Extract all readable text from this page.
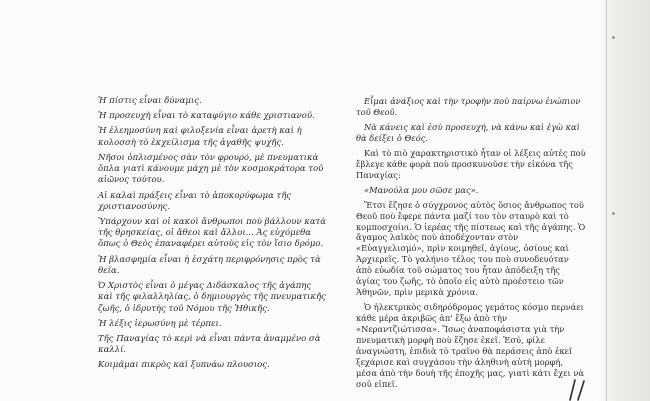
Ἡ πίστις εἶναι δύναμις.

Ἡ προσευχὴ εἶναι τὸ καταφύγιο κάθε χριστιανοῦ.

Ἡ ἐλεημοσύνη καὶ φιλοξενία εἶναι ἀρετὴ καὶ ἡ κολοσσὴ τὸ ἐκχείλισμα τῆς ἀγαθῆς ψυχῆς.

Νῆσοι ὁπλισμένος σὰν τὸν φρουρό, μὲ πνευματικὰ ὅπλα γιατὶ κάνουμε μάχη μὲ τὸν κοσμοκράτορα τοῦ αἰῶνος τούτου.

Αἱ καλαὶ πράξεις εἶναι τὸ ἀποκορύφωμα τῆς χριστιανοσύνης.

Ὑπάρχουν καὶ οἱ κακοὶ ἄνθρωποι ποὺ βάλλουν κατὰ τῆς θρησκείας, οἱ ἄθεοι καὶ ἄλλοι... Ἀς εὐχόμεθα ὅπως ὁ Θεὸς ἐπαναφέρει αὐτοὺς εἰς τὸν ἴσιο δρόμο.

Ἡ βλασφημία εἶναι ἡ ἐσχάτη περιφρόνησις πρὸς τὰ θεῖα.

Ὁ Χριστὸς εἶναι ὁ μέγας Διδάσκαλος τῆς ἀγάπης καὶ τῆς φιλαλληλίας, ὁ δημιουργὸς τῆς πνευματικῆς ζωῆς, ὁ ἱδρυτὴς τοῦ Νόμου τῆς Ἠθικῆς.

Ἡ λέξις ἱερωσύνη μὲ τέρπει.

Τῆς Παναγίας τὸ κερὶ νὰ εἶναι πάντα ἀναμμένο σὰ καλλί.

Κοιμᾶμαι πικρὸς καὶ ξυπνάω πλουσιος.

Εἶμαι ἀνάξιος καὶ τὴν τροφὴν ποὺ παίρνω ἐνώπιον τοῦ Θεοῦ.

Νὰ κάνεις καὶ ἐσὺ προσευχή, νὰ κάνω καὶ ἐγὼ καὶ θὰ δείξει ὁ Θεός.

Καὶ τὸ πιὸ χαρακτηριστικὸ ἦταν οἱ λέξεις αὐτὲς ποὺ ἔβλεγε κάθε φορὰ ποὺ προσκυνοῦσε τὴν εἰκόνα τῆς Παναγίας:

«Μανούλα μου σῶσε μας».

Ἔτσι ἔζησε ὁ σύγχρονος αὐτὸς ὅσιος ἄνθρωπος τοῦ Θεοῦ ποὺ ἔφερε πάντα μαζί του τὸν σταυρὸ καὶ τὸ κομποσχοίνι. Ὁ ἱερέας τῆς πίστεως καὶ τῆς ἀγάπης. Ὁ ἄγαμος λαϊκὸς ποὺ ἀποδέχονταν στὸν «Εὐαγγελισμό», πρὶν κοιμηθεῖ, ἁγίους, ὁσίους καὶ Ἀρχιερεῖς. Τὸ γαλήνιο τέλος του ποὺ συνοδευόταν ἀπὸ εὐωδία τοῦ σώματος του ἦταν ἀπόδειξη τῆς ἁγίας του ζωῆς, τὸ ὁποῖο εἰς αὐτὸ προέστειο τῶν Ἀθηνῶν, πρὶν μερικὰ χρόνια.

Ὁ ἡλεκτρικὸς σιδηρόδρομος γεμάτος κόσμο περνάει κάθε μέρα ἀκριβῶς ἀπ' ἔξω ἀπὸ τὴν «Νεραντζιώτισσα». Ἴσως ἀναποφάσιστα γιὰ τὴν πνευματικὴ μορφὴ ποὺ ἔζησε ἐκεῖ. Ἐσύ, φίλε ἀναγνώστη, ἐπιδιὰ τὸ τραῖνο θὰ περάσεις ἀπὸ ἐκεῖ ξεχάρισε καὶ συγχάσου τὴν ἀληθινὴ αὐτὴ μορφή, μέσα ἀπὸ τὴν δουὴ τῆς ἐποχῆς μας, γιατὶ κάτι ἔχει νὰ σοῦ εἰπεῖ.
